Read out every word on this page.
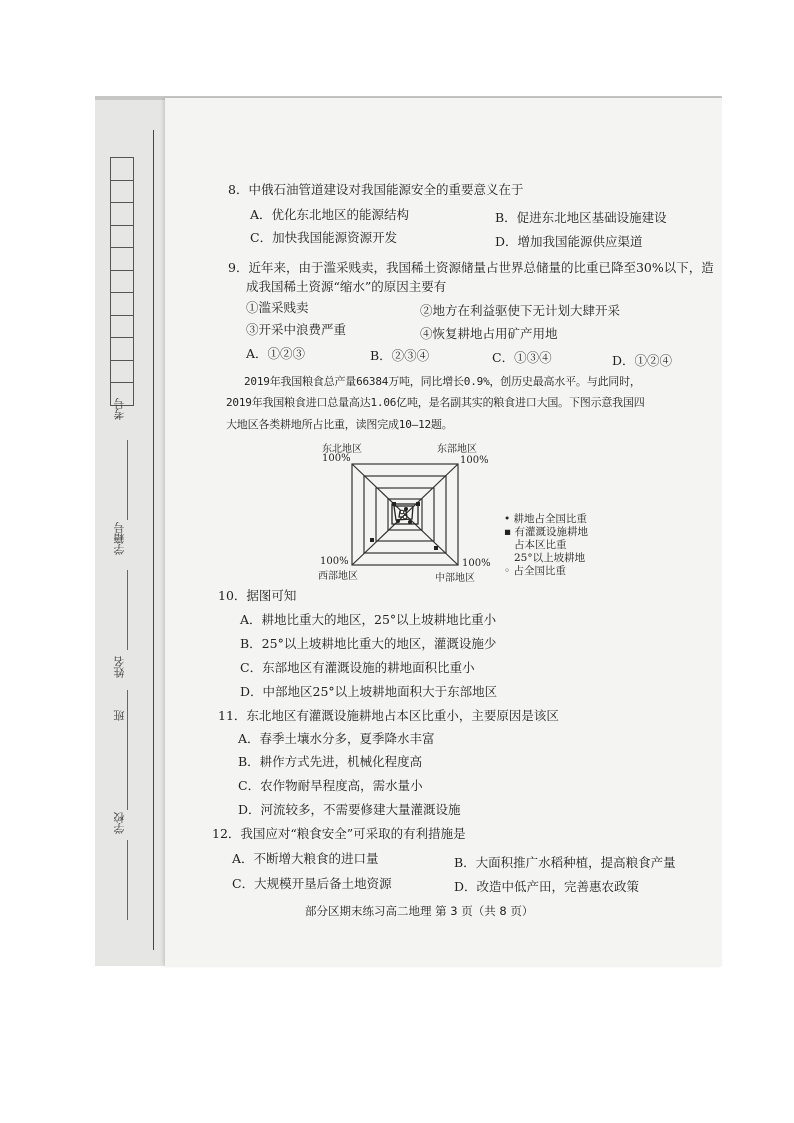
考号
学籍号
姓名
班
学校
8．中俄石油管道建设对我国能源安全的重要意义在于
A．优化东北地区的能源结构	B．促进东北地区基础设施建设
C．加快我国能源资源开发	D．增加我国能源供应渠道
9．近年来，由于滥采贱卖，我国稀土资源储量占世界总储量的比重已降至30%以下，造
成我国稀土资源“缩水”的原因主要有
①滥采贱卖	②地方在利益驱使下无计划大肆开采
③开采中浪费严重	④恢复耕地占用矿产用地
A．①②③	B．②③④	C．①③④	D．①②④
2019年我国粮食总产量66384万吨，同比增长0.9%，创历史最高水平。与此同时，
2019年我国粮食进口总量高达1.06亿吨，是名副其实的粮食进口大国。下图示意我国四
大地区各类耕地所占比重，读图完成10—12题。
东北地区
100%
东部地区
100%
100%
西部地区
100%
中部地区
• 耕地占全国比重
▪ 有灌溉设施耕地
占本区比重
25°以上坡耕地
◦ 占全国比重
10．据图可知
A．耕地比重大的地区，25°以上坡耕地比重小
B．25°以上坡耕地比重大的地区，灌溉设施少
C．东部地区有灌溉设施的耕地面积比重小
D．中部地区25°以上坡耕地面积大于东部地区
11．东北地区有灌溉设施耕地占本区比重小，主要原因是该区
A．春季土壤水分多，夏季降水丰富
B．耕作方式先进，机械化程度高
C．农作物耐旱程度高，需水量小
D．河流较多，不需要修建大量灌溉设施
12．我国应对“粮食安全”可采取的有利措施是
A．不断增大粮食的进口量	B．大面积推广水稻种植，提高粮食产量
C．大规模开垦后备土地资源	D．改造中低产田，完善惠农政策
部分区期末练习高二地理 第 3 页（共 8 页）
